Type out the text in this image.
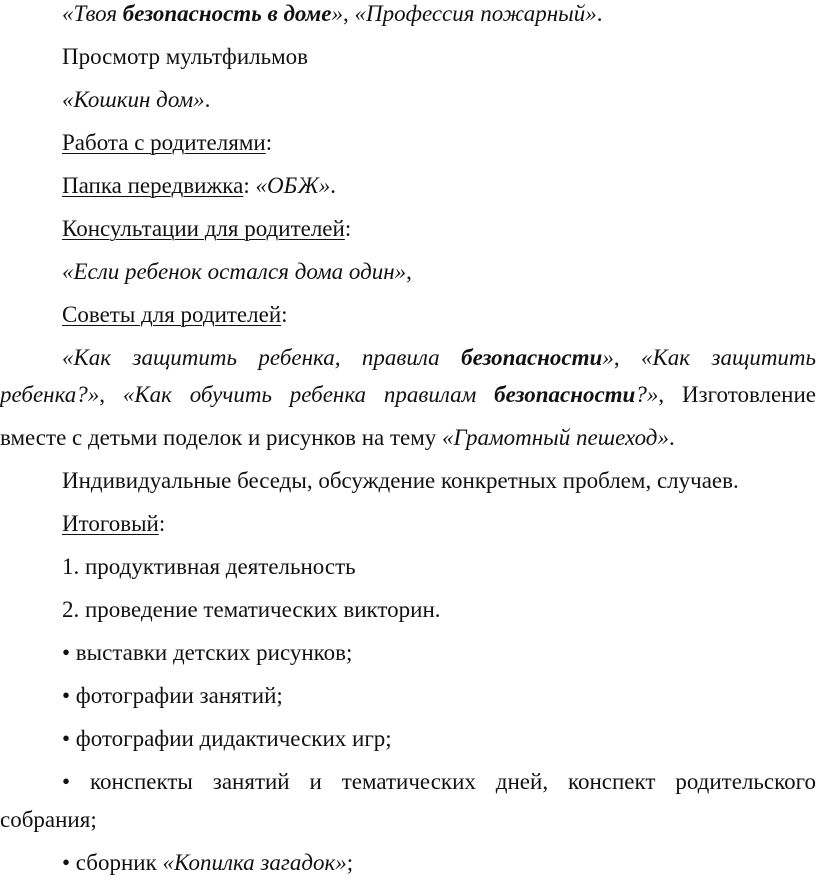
«Твоя безопасность в доме», «Профессия пожарный».
Просмотр мультфильмов
«Кошкин дом».
Работа с родителями:
Папка передвижка: «ОБЖ».
Консультации для родителей:
«Если ребенок остался дома один»,
Советы для родителей:
«Как защитить ребенка, правила безопасности», «Как защитить
ребенка?», «Как обучить ребенка правилам безопасности?», Изготовление
вместе с детьми поделок и рисунков на тему «Грамотный пешеход».
Индивидуальные беседы, обсуждение конкретных проблем, случаев.
Итоговый:
1. продуктивная деятельность
2. проведение тематических викторин.
• выставки детских рисунков;
• фотографии занятий;
• фотографии дидактических игр;
• конспекты занятий и тематических дней, конспект родительского
собрания;
• сборник «Копилка загадок»;
